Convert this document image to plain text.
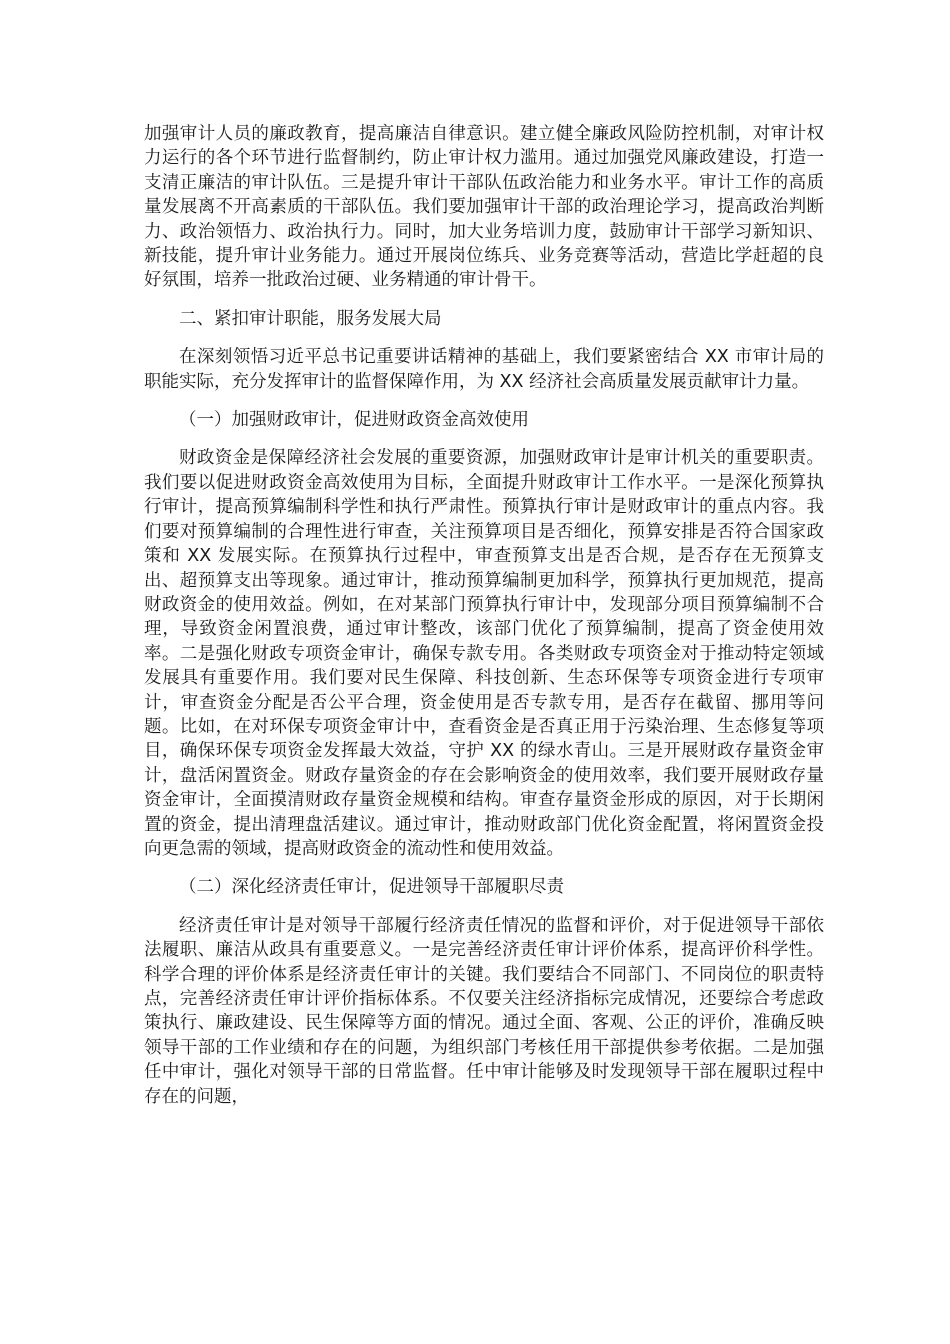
加强审计人员的廉政教育，提高廉洁自律意识。建立健全廉政风险防控机制，对审计权力运行的各个环节进行监督制约，防止审计权力滥用。通过加强党风廉政建设，打造一支清正廉洁的审计队伍。三是提升审计干部队伍政治能力和业务水平。审计工作的高质量发展离不开高素质的干部队伍。我们要加强审计干部的政治理论学习，提高政治判断力、政治领悟力、政治执行力。同时，加大业务培训力度，鼓励审计干部学习新知识、新技能，提升审计业务能力。通过开展岗位练兵、业务竞赛等活动，营造比学赶超的良好氛围，培养一批政治过硬、业务精通的审计骨干。

二、紧扣审计职能，服务发展大局

在深刻领悟习近平总书记重要讲话精神的基础上，我们要紧密结合 XX 市审计局的职能实际，充分发挥审计的监督保障作用，为 XX 经济社会高质量发展贡献审计力量。

（一）加强财政审计，促进财政资金高效使用

财政资金是保障经济社会发展的重要资源，加强财政审计是审计机关的重要职责。我们要以促进财政资金高效使用为目标，全面提升财政审计工作水平。一是深化预算执行审计，提高预算编制科学性和执行严肃性。预算执行审计是财政审计的重点内容。我们要对预算编制的合理性进行审查，关注预算项目是否细化，预算安排是否符合国家政策和 XX 发展实际。在预算执行过程中，审查预算支出是否合规，是否存在无预算支出、超预算支出等现象。通过审计，推动预算编制更加科学，预算执行更加规范，提高财政资金的使用效益。例如，在对某部门预算执行审计中，发现部分项目预算编制不合理，导致资金闲置浪费，通过审计整改，该部门优化了预算编制，提高了资金使用效率。二是强化财政专项资金审计，确保专款专用。各类财政专项资金对于推动特定领域发展具有重要作用。我们要对民生保障、科技创新、生态环保等专项资金进行专项审计，审查资金分配是否公平合理，资金使用是否专款专用，是否存在截留、挪用等问题。比如，在对环保专项资金审计中，查看资金是否真正用于污染治理、生态修复等项目，确保环保专项资金发挥最大效益，守护 XX 的绿水青山。三是开展财政存量资金审计，盘活闲置资金。财政存量资金的存在会影响资金的使用效率，我们要开展财政存量资金审计，全面摸清财政存量资金规模和结构。审查存量资金形成的原因，对于长期闲置的资金，提出清理盘活建议。通过审计，推动财政部门优化资金配置，将闲置资金投向更急需的领域，提高财政资金的流动性和使用效益。

（二）深化经济责任审计，促进领导干部履职尽责

经济责任审计是对领导干部履行经济责任情况的监督和评价，对于促进领导干部依法履职、廉洁从政具有重要意义。一是完善经济责任审计评价体系，提高评价科学性。科学合理的评价体系是经济责任审计的关键。我们要结合不同部门、不同岗位的职责特点，完善经济责任审计评价指标体系。不仅要关注经济指标完成情况，还要综合考虑政策执行、廉政建设、民生保障等方面的情况。通过全面、客观、公正的评价，准确反映领导干部的工作业绩和存在的问题，为组织部门考核任用干部提供参考依据。二是加强任中审计，强化对领导干部的日常监督。任中审计能够及时发现领导干部在履职过程中存在的问题，
